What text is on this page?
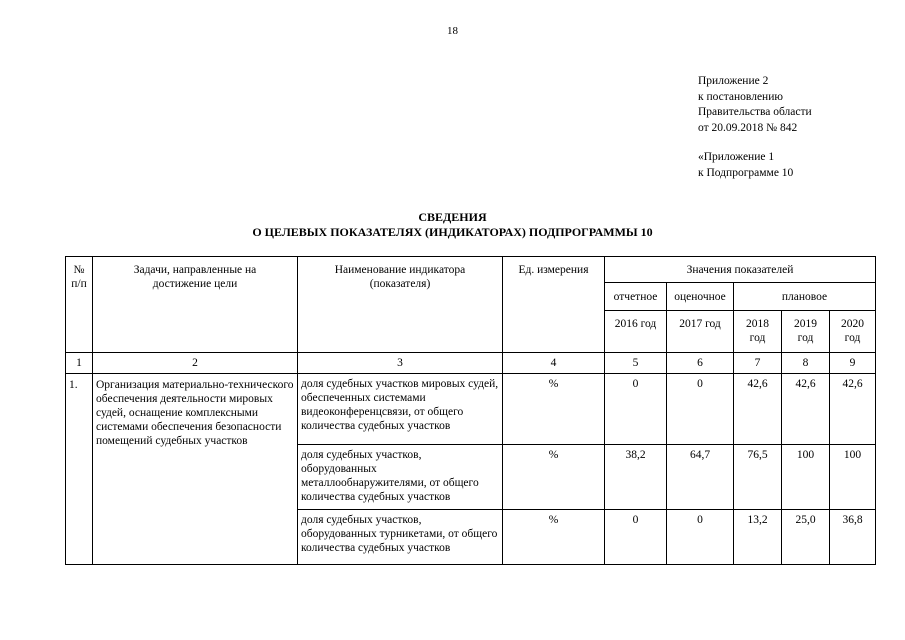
18
Приложение 2
к постановлению
Правительства области
от 20.09.2018 № 842
«Приложение 1
к Подпрограмме 10
СВЕДЕНИЯ
О ЦЕЛЕВЫХ ПОКАЗАТЕЛЯХ (ИНДИКАТОРАХ) ПОДПРОГРАММЫ 10
№ п/п	Задачи, направленные на достижение цели	Наименование индикатора (показателя)	Ед. измерения	Значения показателей				
				отчетное	оценочное	плановое		
				2016 год	2017 год	2018 год	2019 год	2020 год
1	2	3	4	5	6	7	8	9
1.	Организация материально-технического обеспечения деятельности мировых судей, оснащение комплексными системами обеспечения безопасности помещений судебных участков	доля судебных участков мировых судей, обеспеченных системами видеоконференцсвязи, от общего количества судебных участков	%	0	0	42,6	42,6	42,6
		доля судебных участков, оборудованных металлообнаружителями, от общего количества судебных участков	%	38,2	64,7	76,5	100	100
		доля судебных участков, оборудованных турникетами, от общего количества судебных участков	%	0	0	13,2	25,0	36,8
